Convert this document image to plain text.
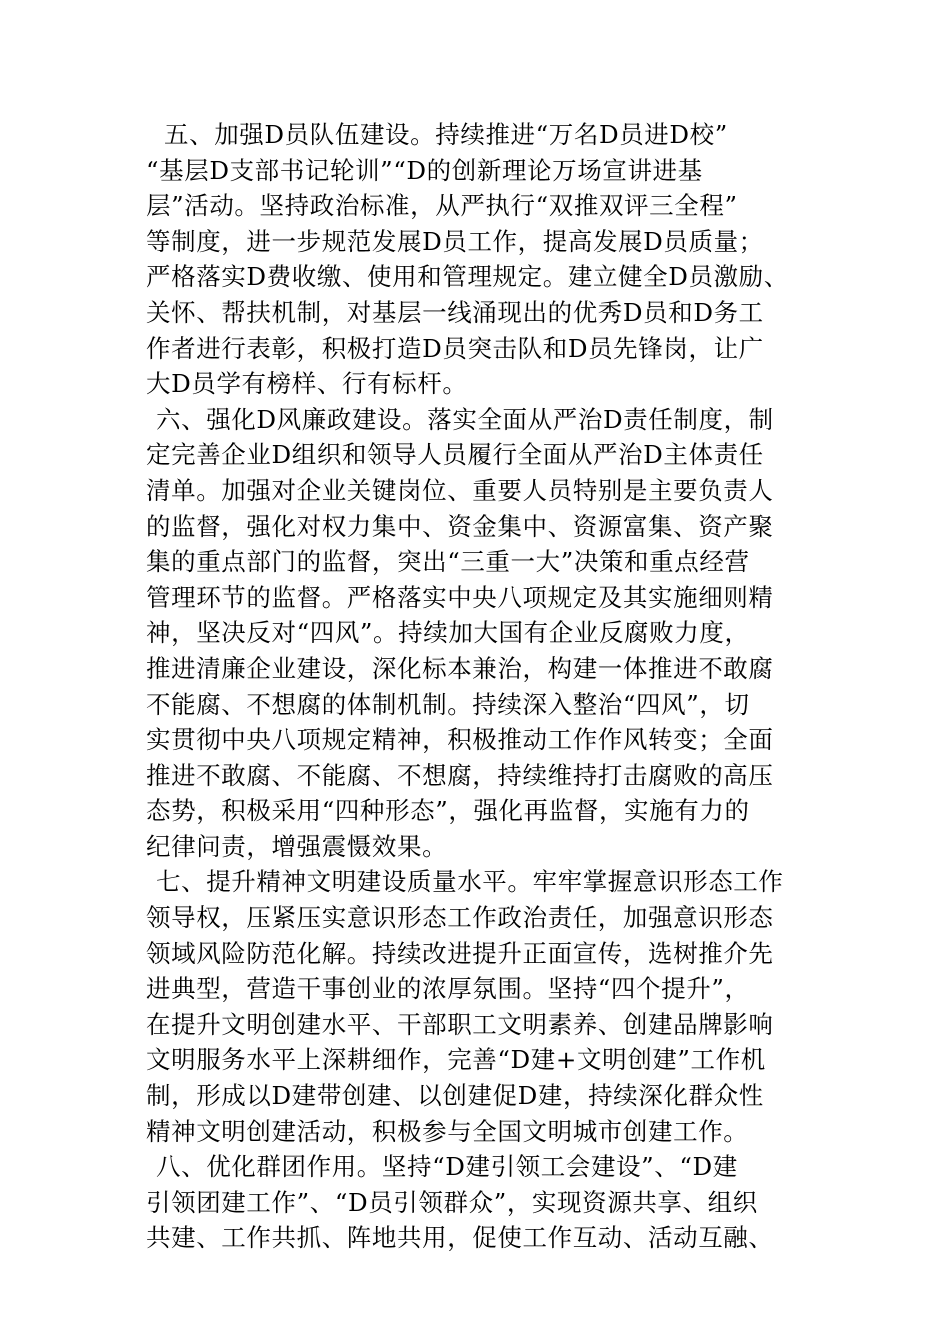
五、加强D员队伍建设。持续推进“万名D员进D校”
“基层D支部书记轮训”“D的创新理论万场宣讲进基
层”活动。坚持政治标准，从严执行“双推双评三全程”
等制度，进一步规范发展D员工作，提高发展D员质量；
严格落实D费收缴、使用和管理规定。建立健全D员激励、
关怀、帮扶机制，对基层一线涌现出的优秀D员和D务工
作者进行表彰，积极打造D员突击队和D员先锋岗，让广
大D员学有榜样、行有标杆。
六、强化D风廉政建设。落实全面从严治D责任制度，制
定完善企业D组织和领导人员履行全面从严治D主体责任
清单。加强对企业关键岗位、重要人员特别是主要负责人
的监督，强化对权力集中、资金集中、资源富集、资产聚
集的重点部门的监督，突出“三重一大”决策和重点经营
管理环节的监督。严格落实中央八项规定及其实施细则精
神，坚决反对“四风”。持续加大国有企业反腐败力度，
推进清廉企业建设，深化标本兼治，构建一体推进不敢腐
不能腐、不想腐的体制机制。持续深入整治“四风”，切
实贯彻中央八项规定精神，积极推动工作作风转变；全面
推进不敢腐、不能腐、不想腐，持续维持打击腐败的高压
态势，积极采用“四种形态”，强化再监督，实施有力的
纪律问责，增强震慑效果。
七、提升精神文明建设质量水平。牢牢掌握意识形态工作
领导权，压紧压实意识形态工作政治责任，加强意识形态
领域风险防范化解。持续改进提升正面宣传，选树推介先
进典型，营造干事创业的浓厚氛围。坚持“四个提升”，
在提升文明创建水平、干部职工文明素养、创建品牌影响
文明服务水平上深耕细作，完善“D建+文明创建”工作机
制，形成以D建带创建、以创建促D建，持续深化群众性
精神文明创建活动，积极参与全国文明城市创建工作。
八、优化群团作用。坚持“D建引领工会建设”、“D建
引领团建工作”、“D员引领群众”，实现资源共享、组织
共建、工作共抓、阵地共用，促使工作互动、活动互融、
